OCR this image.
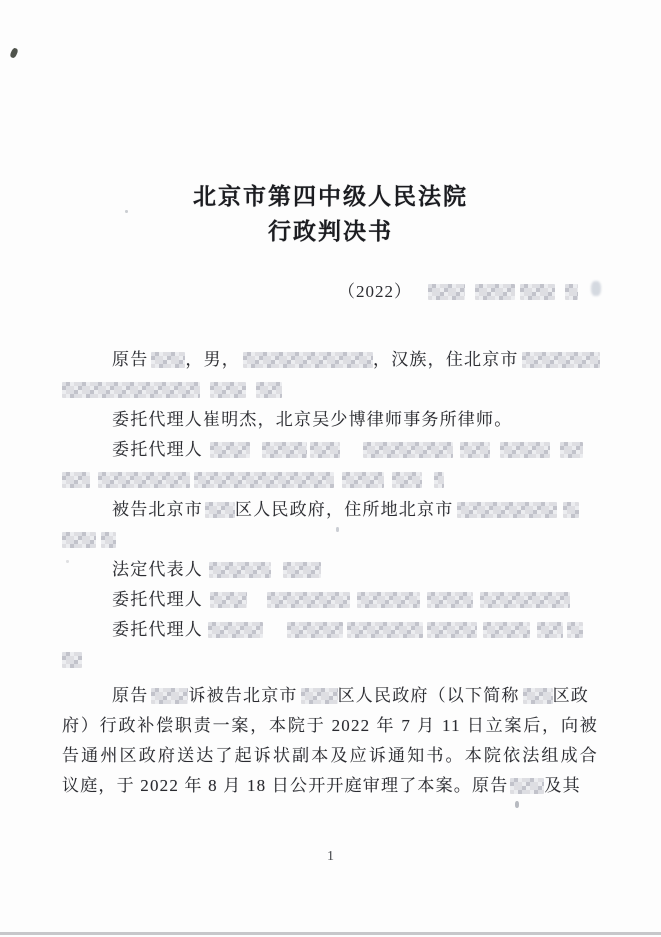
北京市第四中级人民法院
行政判决书
（2022）
原告 ，男，	，汉族，住北京市
委托代理人崔明杰，北京吴少博律师事务所律师。
委托代理人
被告北京市 区人民政府，住所地北京市
法定代表人
委托代理人
委托代理人
原告 诉被告北京市 区人民政府（以下简称 区政
府）行政补偿职责一案，本院于 2022 年 7 月 11 日立案后，向被
告通州区政府送达了起诉状副本及应诉通知书。本院依法组成合
议庭，于 2022 年 8 月 18 日公开开庭审理了本案。原告 及其
1
